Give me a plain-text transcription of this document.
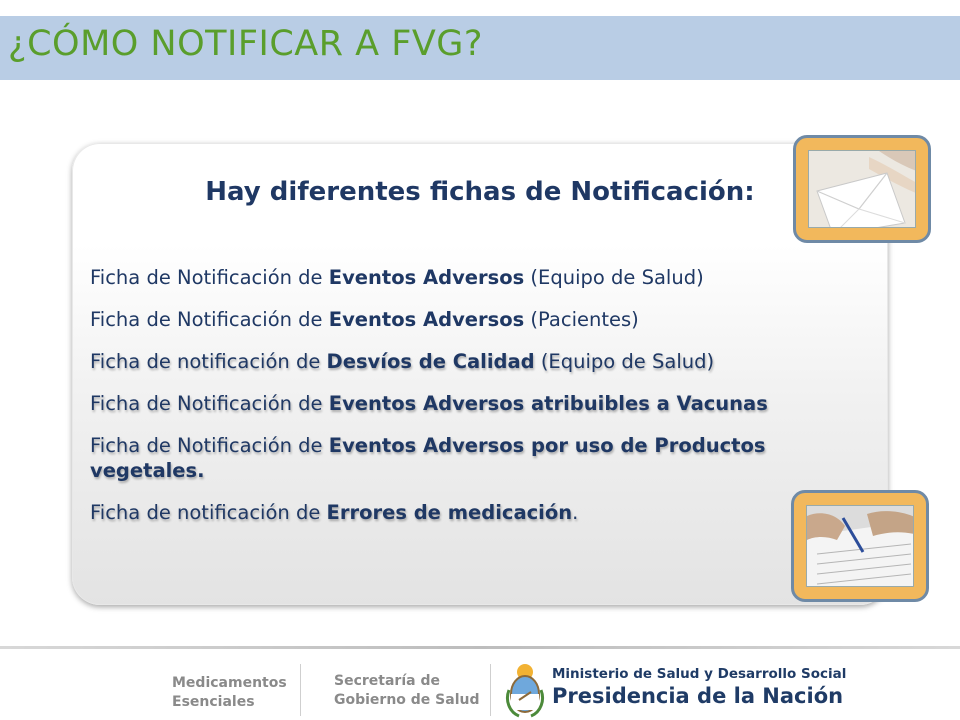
¿CÓMO NOTIFICAR A FVG?
Hay diferentes fichas de Notificación:
Ficha de Notificación de Eventos Adversos (Equipo de Salud)
Ficha de Notificación de Eventos Adversos (Pacientes)
Ficha de notificación de Desvíos de Calidad (Equipo de Salud)
Ficha de Notificación de Eventos Adversos atribuibles a Vacunas
Ficha de Notificación de Eventos Adversos por uso de Productos vegetales.
Ficha de notificación de Errores de medicación.
Medicamentos
Esenciales
Secretaría de
Gobierno de Salud
Ministerio de Salud y Desarrollo Social
Presidencia de la Nación
